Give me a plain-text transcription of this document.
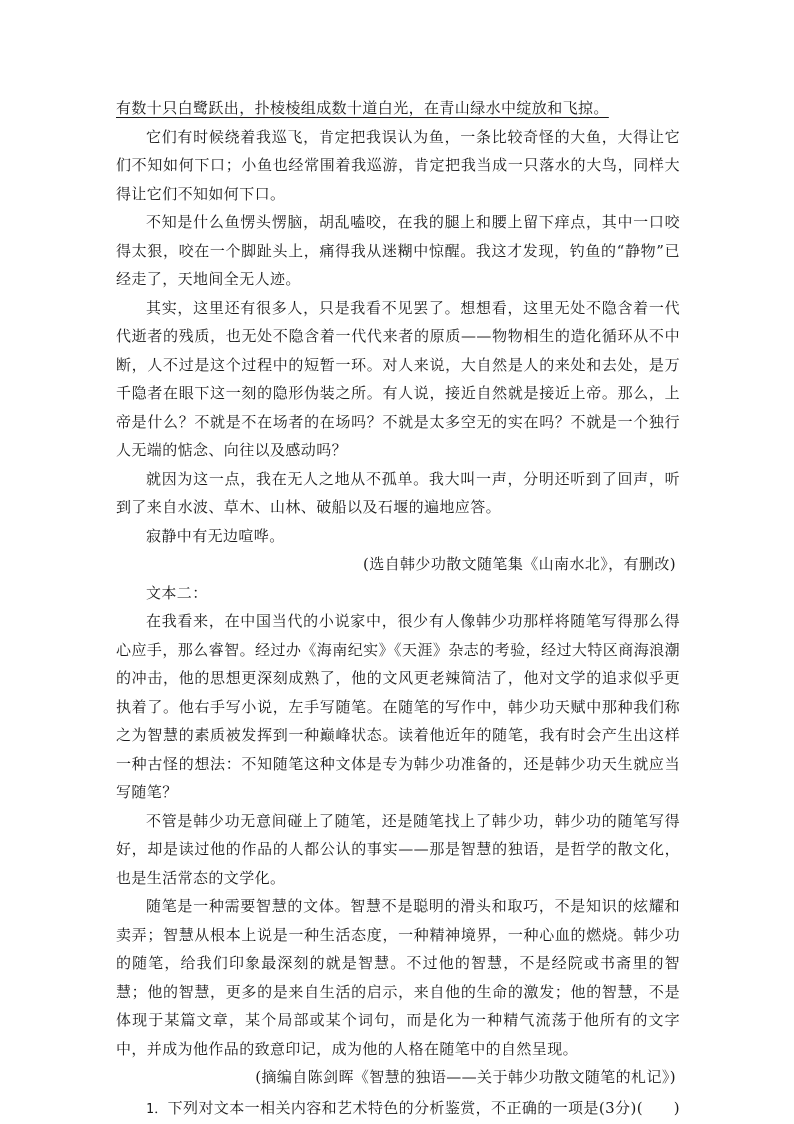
有数十只白鹭跃出，扑棱棱组成数十道白光，在青山绿水中绽放和飞掠。

它们有时候绕着我巡飞，肯定把我误认为鱼，一条比较奇怪的大鱼，大得让它们不知如何下口；小鱼也经常围着我巡游，肯定把我当成一只落水的大鸟，同样大得让它们不知如何下口。

不知是什么鱼愣头愣脑，胡乱嗑咬，在我的腿上和腰上留下痒点，其中一口咬得太狠，咬在一个脚趾头上，痛得我从迷糊中惊醒。我这才发现，钓鱼的“静物”已经走了，天地间全无人迹。

其实，这里还有很多人，只是我看不见罢了。想想看，这里无处不隐含着一代代逝者的残质，也无处不隐含着一代代来者的原质——物物相生的造化循环从不中断，人不过是这个过程中的短暂一环。对人来说，大自然是人的来处和去处，是万千隐者在眼下这一刻的隐形伪装之所。有人说，接近自然就是接近上帝。那么，上帝是什么？不就是不在场者的在场吗？不就是太多空无的实在吗？不就是一个独行人无端的惦念、向往以及感动吗？

就因为这一点，我在无人之地从不孤单。我大叫一声，分明还听到了回声，听到了来自水波、草木、山林、破船以及石堰的遍地应答。

寂静中有无边喧哗。

(选自韩少功散文随笔集《山南水北》，有删改)

文本二：

在我看来，在中国当代的小说家中，很少有人像韩少功那样将随笔写得那么得心应手，那么睿智。经过办《海南纪实》《天涯》杂志的考验，经过大特区商海浪潮的冲击，他的思想更深刻成熟了，他的文风更老辣简洁了，他对文学的追求似乎更执着了。他右手写小说，左手写随笔。在随笔的写作中，韩少功天赋中那种我们称之为智慧的素质被发挥到一种巅峰状态。读着他近年的随笔，我有时会产生出这样一种古怪的想法：不知随笔这种文体是专为韩少功准备的，还是韩少功天生就应当写随笔？

不管是韩少功无意间碰上了随笔，还是随笔找上了韩少功，韩少功的随笔写得好，却是读过他的作品的人都公认的事实——那是智慧的独语，是哲学的散文化，也是生活常态的文学化。

随笔是一种需要智慧的文体。智慧不是聪明的滑头和取巧，不是知识的炫耀和卖弄；智慧从根本上说是一种生活态度，一种精神境界，一种心血的燃烧。韩少功的随笔，给我们印象最深刻的就是智慧。不过他的智慧，不是经院或书斋里的智慧；他的智慧，更多的是来自生活的启示，来自他的生命的激发；他的智慧，不是体现于某篇文章，某个局部或某个词句，而是化为一种精气流荡于他所有的文字中，并成为他作品的致意印记，成为他的人格在随笔中的自然呈现。

(摘编自陈剑晖《智慧的独语——关于韩少功散文随笔的札记》)

1．下列对文本一相关内容和艺术特色的分析鉴赏，不正确的一项是(3分)(　　)
